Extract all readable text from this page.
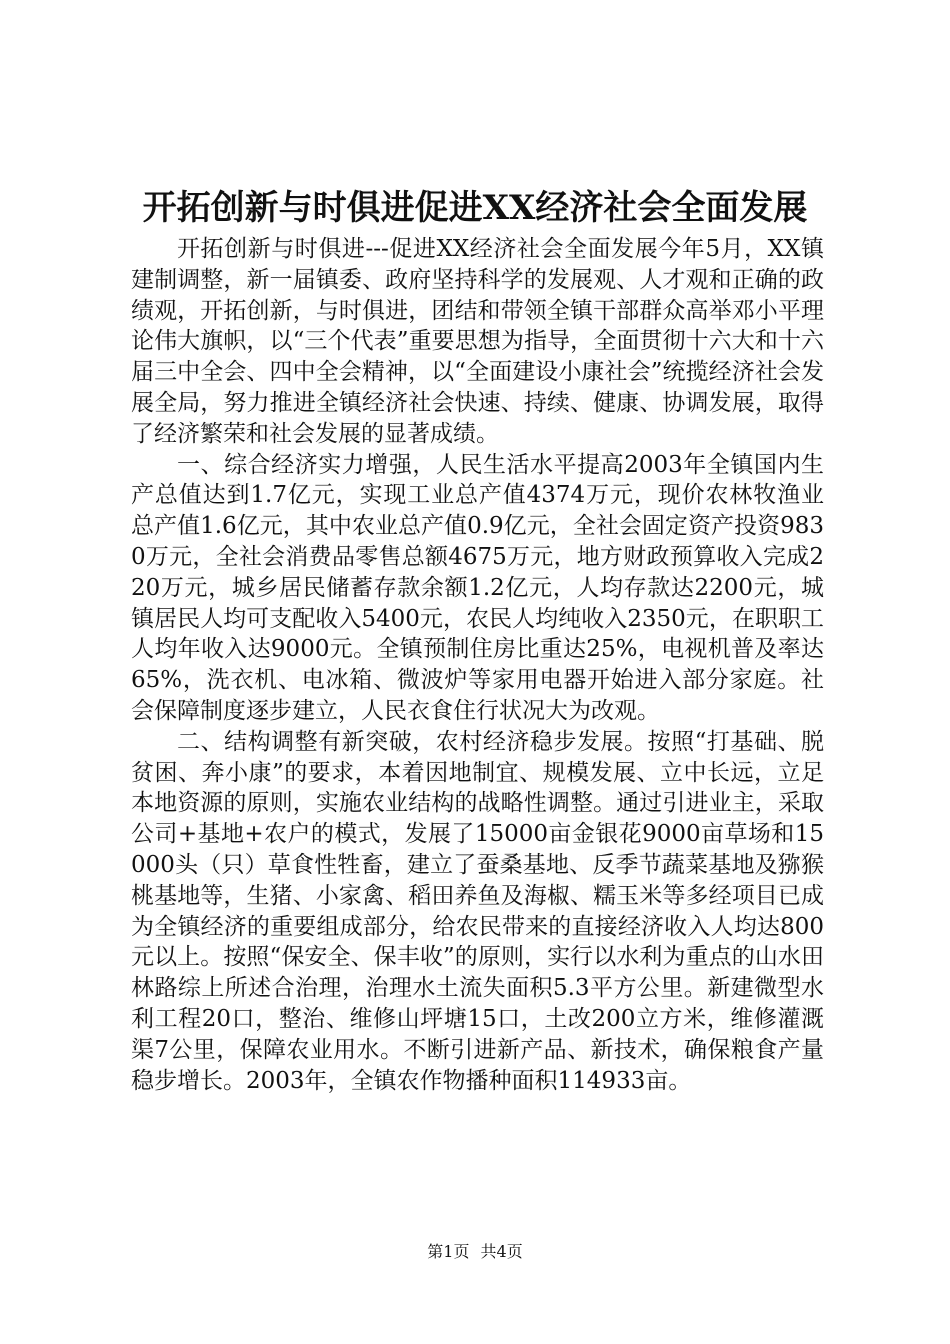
开拓创新与时俱进促进XX经济社会全面发展

开拓创新与时俱进---促进XX经济社会全面发展今年5月，XX镇建制调整，新一届镇委、政府坚持科学的发展观、人才观和正确的政绩观，开拓创新，与时俱进，团结和带领全镇干部群众高举邓小平理论伟大旗帜，以“三个代表”重要思想为指导，全面贯彻十六大和十六届三中全会、四中全会精神，以“全面建设小康社会”统揽经济社会发展全局，努力推进全镇经济社会快速、持续、健康、协调发展，取得了经济繁荣和社会发展的显著成绩。

一、综合经济实力增强，人民生活水平提高2003年全镇国内生产总值达到1.7亿元，实现工业总产值4374万元，现价农林牧渔业总产值1.6亿元，其中农业总产值0.9亿元，全社会固定资产投资9830万元，全社会消费品零售总额4675万元，地方财政预算收入完成220万元，城乡居民储蓄存款余额1.2亿元，人均存款达2200元，城镇居民人均可支配收入5400元，农民人均纯收入2350元，在职职工人均年收入达9000元。全镇预制住房比重达25%，电视机普及率达65%，洗衣机、电冰箱、微波炉等家用电器开始进入部分家庭。社会保障制度逐步建立，人民衣食住行状况大为改观。

二、结构调整有新突破，农村经济稳步发展。按照“打基础、脱贫困、奔小康”的要求，本着因地制宜、规模发展、立中长远，立足本地资源的原则，实施农业结构的战略性调整。通过引进业主，采取公司+基地+农户的模式，发展了15000亩金银花9000亩草场和15000头（只）草食性牲畜，建立了蚕桑基地、反季节蔬菜基地及猕猴桃基地等，生猪、小家禽、稻田养鱼及海椒、糯玉米等多经项目已成为全镇经济的重要组成部分，给农民带来的直接经济收入人均达800元以上。按照“保安全、保丰收”的原则，实行以水利为重点的山水田林路综上所述合治理，治理水土流失面积5.3平方公里。新建微型水利工程20口，整治、维修山坪塘15口，土改200立方米，维修灌溉渠7公里，保障农业用水。不断引进新产品、新技术，确保粮食产量稳步增长。2003年，全镇农作物播种面积114933亩。

第1页 共4页
